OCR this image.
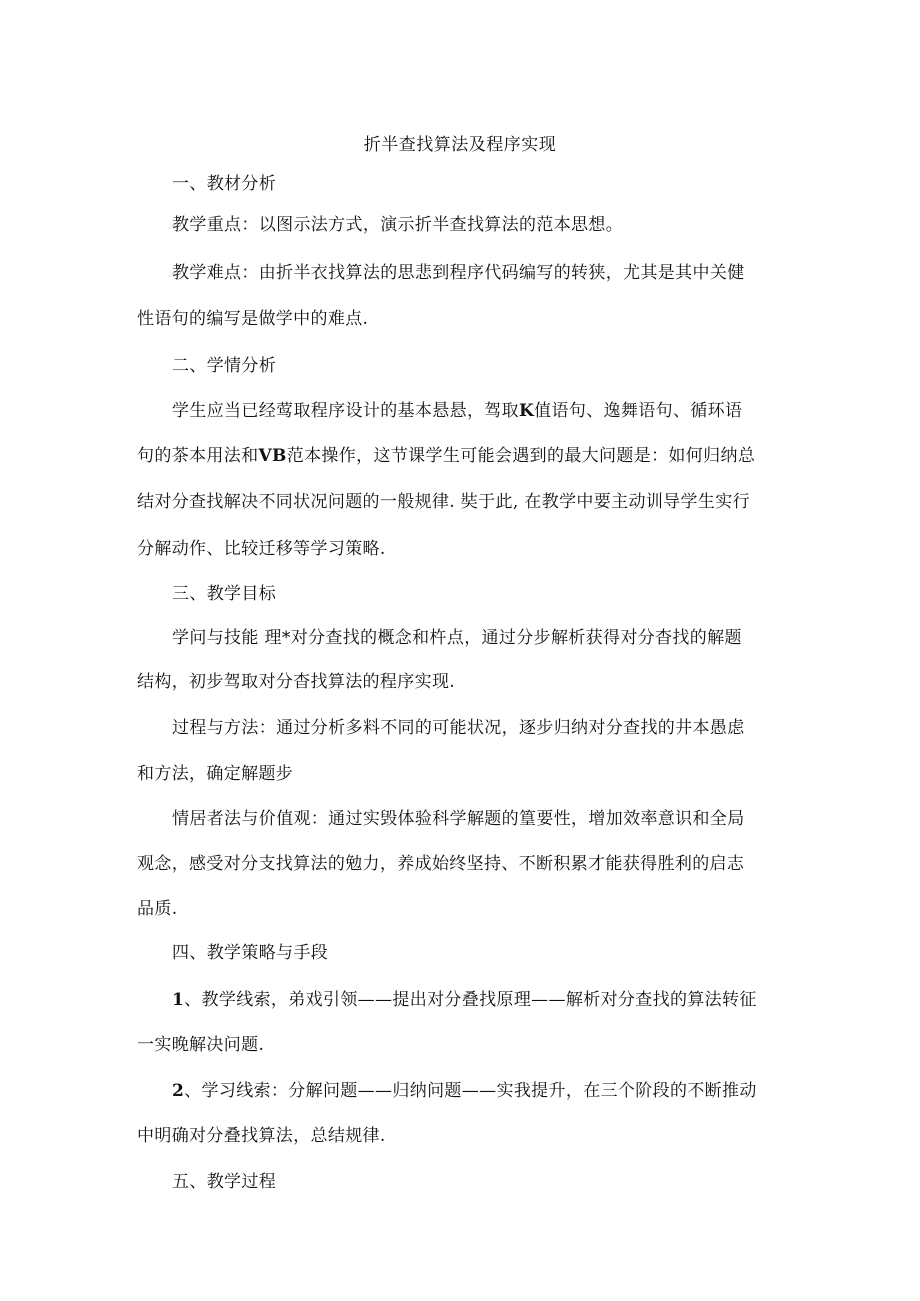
折半查找算法及程序实现
一、教材分析
教学重点：以图示法方式，演示折半查找算法的范本思想。
教学难点：由折半衣找算法的思悲到程序代码编写的转狭，尤其是其中关健
性语句的编写是做学中的难点.
二、学情分析
学生应当已经莺取程序设计的基本悬悬，驾取K值语句、逸舞语句、循环语
句的茶本用法和VB范本操作，这节课学生可能会遇到的最大问题是：如何归纳总
结对分查找解决不同状况问题的一般规律. 奘于此, 在教学中要主动训导学生实行
分解动作、比较迁移等学习策略.
三、教学目标
学问与技能 理*对分查找的概念和杵点，通过分步解析获得对分杳找的解题
结构，初步驾取对分杳找算法的程序实现.
过程与方法：通过分析多料不同的可能状况，逐步归纳对分查找的井本愚虑
和方法，确定解题步
情居者法与价值观：通过实毁体验科学解题的篁要性，增加效率意识和全局
观念，感受对分支找算法的勉力，养成始终坚持、不断积累才能获得胜利的启志
品质.
四、教学策略与手段
1、教学线索，弟戏引领——提出对分叠找原理——解析对分查找的算法转征
一实晚解决问题.
2、学习线索：分解问题——归纳问题——实我提升，在三个阶段的不断推动
中明确对分叠找算法，总结规律.
五、教学过程
